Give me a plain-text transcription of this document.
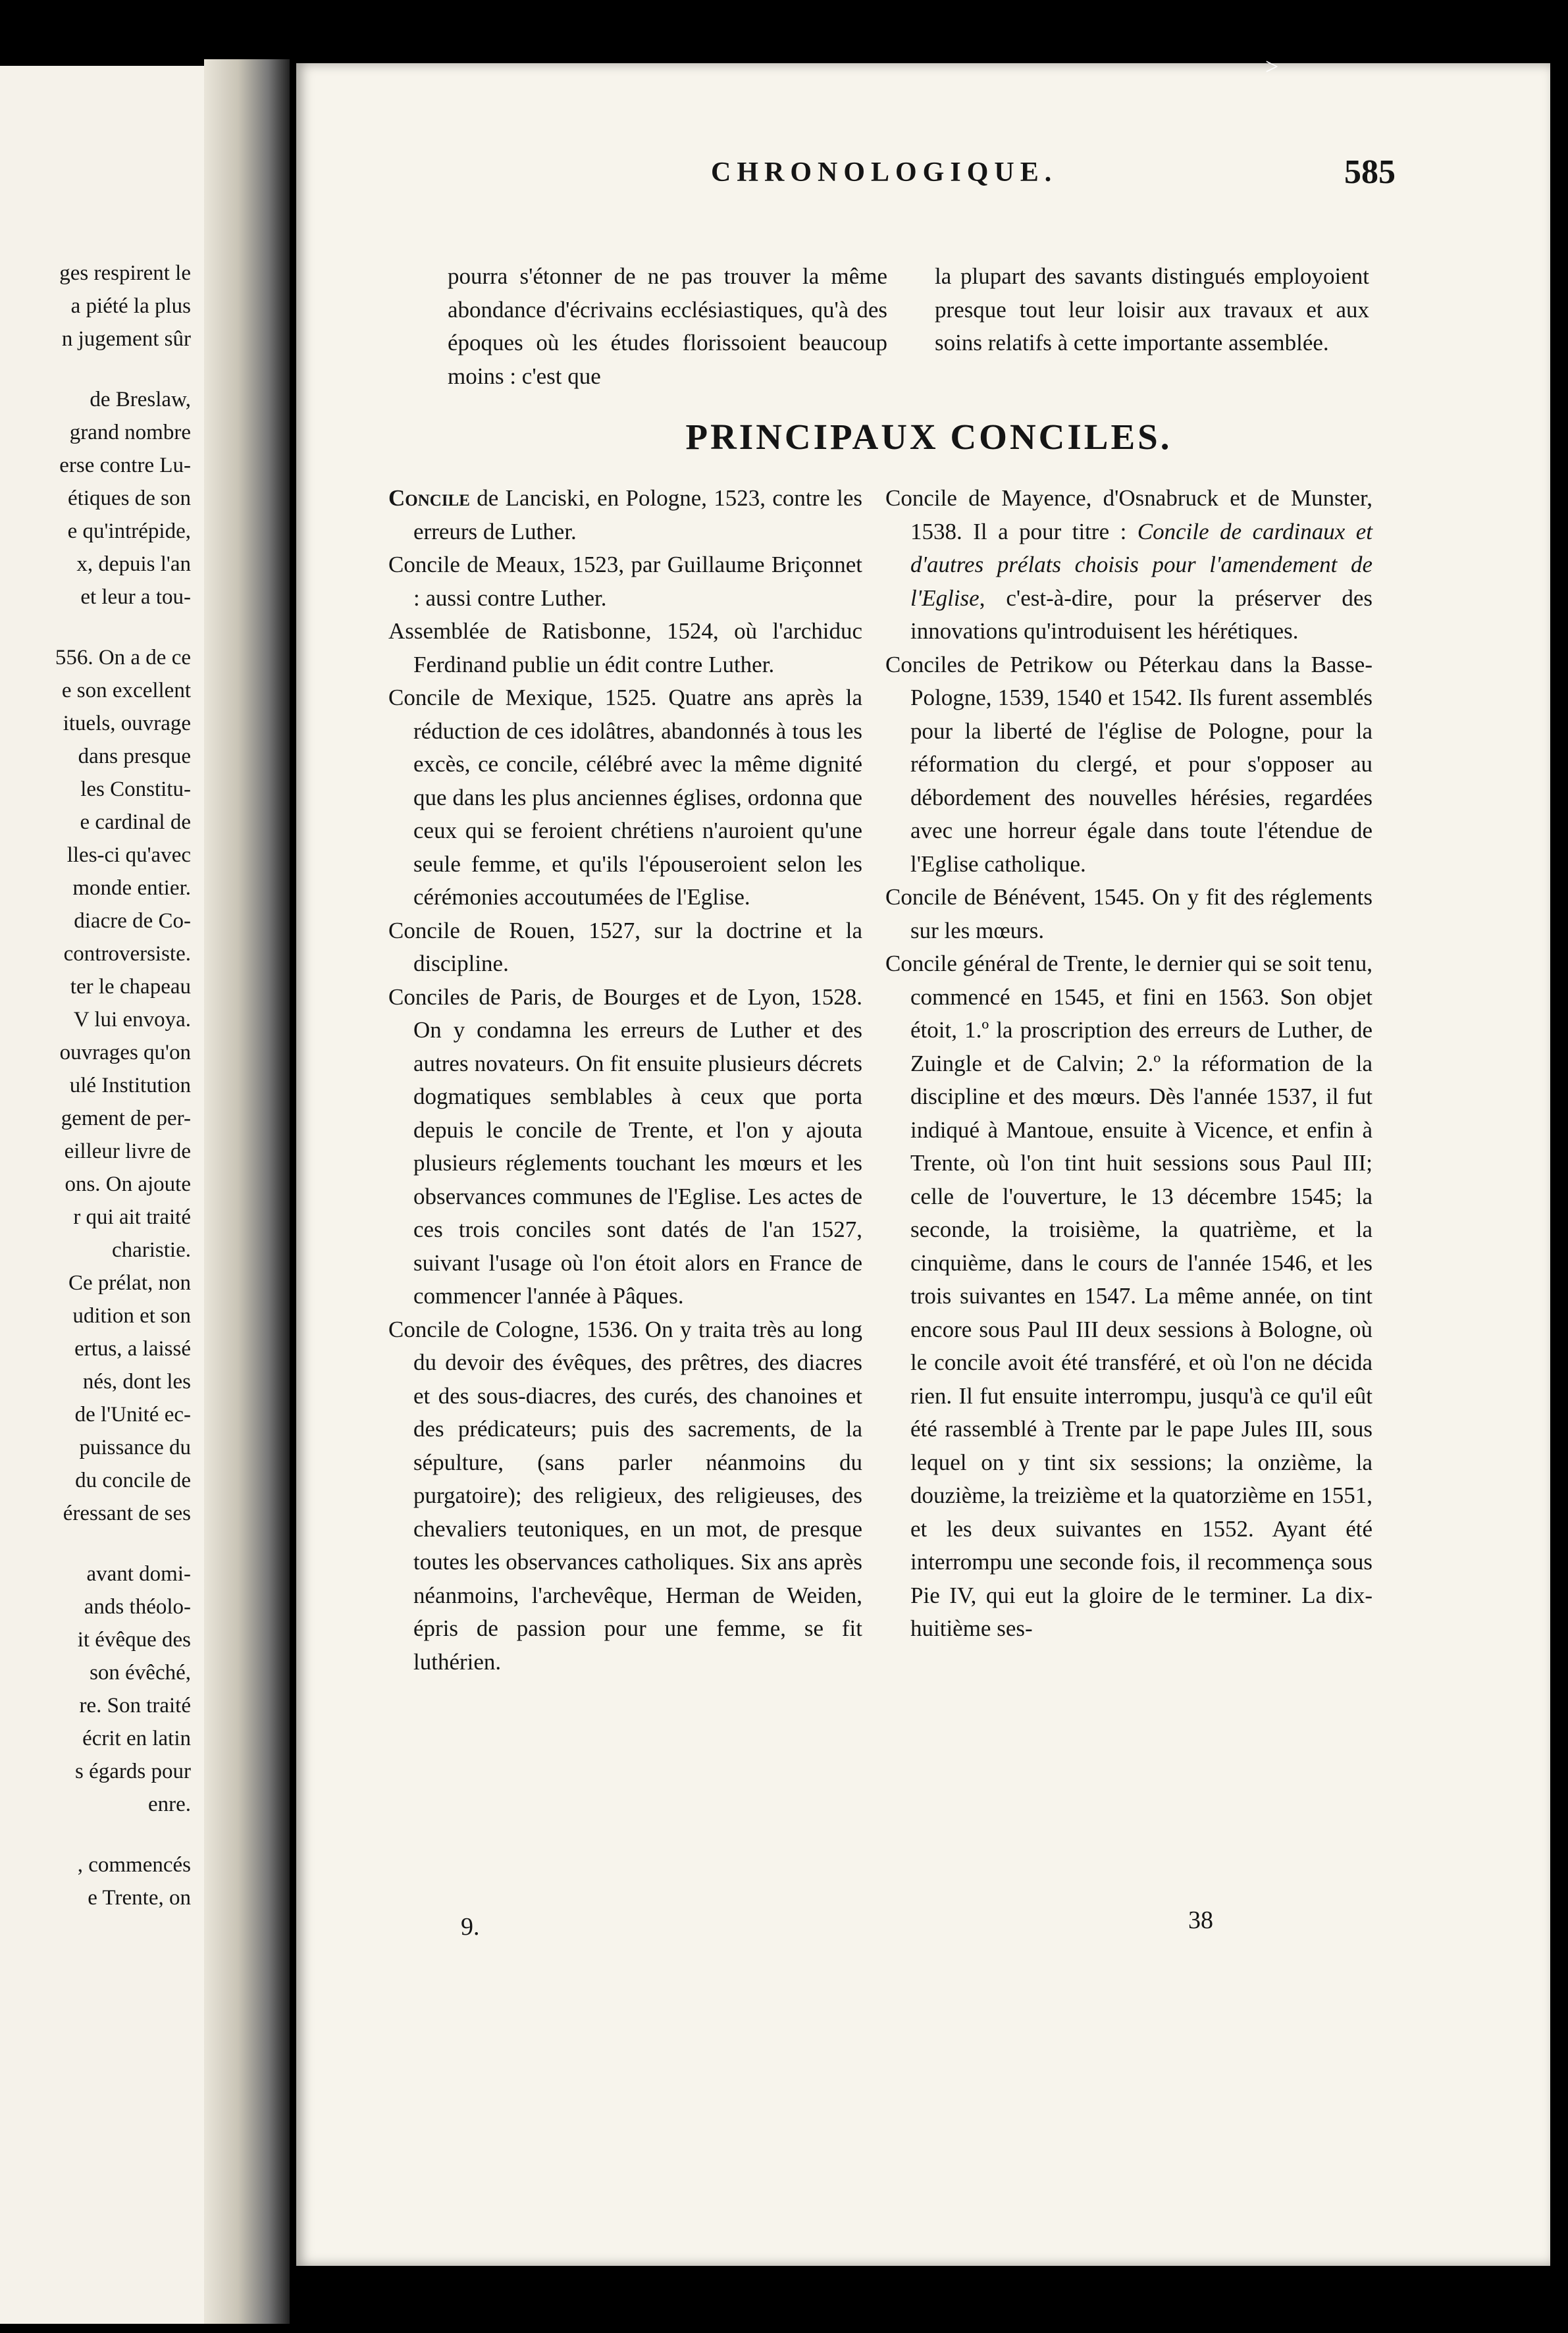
ges respirent le
a piété la plus
n jugement sûr
de Breslaw,
grand nombre
erse contre Lu-
étiques de son
e qu'intrépide,
x, depuis l'an
et leur a tou-
556. On a de ce
e son excellent
ituels, ouvrage
dans presque
les Constitu-
e cardinal de
lles-ci qu'avec
monde entier.
diacre de Co-
controversiste.
ter le chapeau
V lui envoya.
ouvrages qu'on
ulé Institution
gement de per-
eilleur livre de
ons. On ajoute
r qui ait traité
charistie.
Ce prélat, non
udition et son
ertus, a laissé
nés, dont les
de l'Unité ec-
puissance du
du concile de
éressant de ses
avant domi-
ands théolo-
it évêque des
son évêché,
re. Son traité
écrit en latin
s égards pour
enre.
, commencés
e Trente, on
>
CHRONOLOGIQUE.	585

pourra s'étonner de ne pas trouver la même abondance d'écrivains ecclésiastiques, qu'à des époques où les études florissoient beaucoup moins : c'est que

la plupart des savants distingués employoient presque tout leur loisir aux travaux et aux soins relatifs à cette importante assemblée.

PRINCIPAUX CONCILES.

Concile de Lanciski, en Pologne, 1523, contre les erreurs de Luther.

Concile de Meaux, 1523, par Guillaume Briçonnet : aussi contre Luther.

Assemblée de Ratisbonne, 1524, où l'archiduc Ferdinand publie un édit contre Luther.

Concile de Mexique, 1525. Quatre ans après la réduction de ces idolâtres, abandonnés à tous les excès, ce concile, célébré avec la même dignité que dans les plus anciennes églises, ordonna que ceux qui se feroient chrétiens n'auroient qu'une seule femme, et qu'ils l'épouseroient selon les cérémonies accoutumées de l'Eglise.

Concile de Rouen, 1527, sur la doctrine et la discipline.

Conciles de Paris, de Bourges et de Lyon, 1528. On y condamna les erreurs de Luther et des autres novateurs. On fit ensuite plusieurs décrets dogmatiques semblables à ceux que porta depuis le concile de Trente, et l'on y ajouta plusieurs réglements touchant les mœurs et les observances communes de l'Eglise. Les actes de ces trois conciles sont datés de l'an 1527, suivant l'usage où l'on étoit alors en France de commencer l'année à Pâques.

Concile de Cologne, 1536. On y traita très au long du devoir des évêques, des prêtres, des diacres et des sous-diacres, des curés, des chanoines et des prédicateurs; puis des sacrements, de la sépulture, (sans parler néanmoins du purgatoire); des religieux, des religieuses, des chevaliers teutoniques, en un mot, de presque toutes les observances catholiques. Six ans après néanmoins, l'archevêque, Herman de Weiden, épris de passion pour une femme, se fit luthérien.

Concile de Mayence, d'Osnabruck et de Munster, 1538. Il a pour titre : Concile de cardinaux et d'autres prélats choisis pour l'amendement de l'Eglise, c'est-à-dire, pour la préserver des innovations qu'introduisent les hérétiques.

Conciles de Petrikow ou Péterkau dans la Basse-Pologne, 1539, 1540 et 1542. Ils furent assemblés pour la liberté de l'église de Pologne, pour la réformation du clergé, et pour s'opposer au débordement des nouvelles hérésies, regardées avec une horreur égale dans toute l'étendue de l'Eglise catholique.

Concile de Bénévent, 1545. On y fit des réglements sur les mœurs.

Concile général de Trente, le dernier qui se soit tenu, commencé en 1545, et fini en 1563. Son objet étoit, 1.º la proscription des erreurs de Luther, de Zuingle et de Calvin; 2.º la réformation de la discipline et des mœurs. Dès l'année 1537, il fut indiqué à Mantoue, ensuite à Vicence, et enfin à Trente, où l'on tint huit sessions sous Paul III; celle de l'ouverture, le 13 décembre 1545; la seconde, la troisième, la quatrième, et la cinquième, dans le cours de l'année 1546, et les trois suivantes en 1547. La même année, on tint encore sous Paul III deux sessions à Bologne, où le concile avoit été transféré, et où l'on ne décida rien. Il fut ensuite interrompu, jusqu'à ce qu'il eût été rassemblé à Trente par le pape Jules III, sous lequel on y tint six sessions; la onzième, la douzième, la treizième et la quatorzième en 1551, et les deux suivantes en 1552. Ayant été interrompu une seconde fois, il recommença sous Pie IV, qui eut la gloire de le terminer. La dix-huitième ses-

9.	38
